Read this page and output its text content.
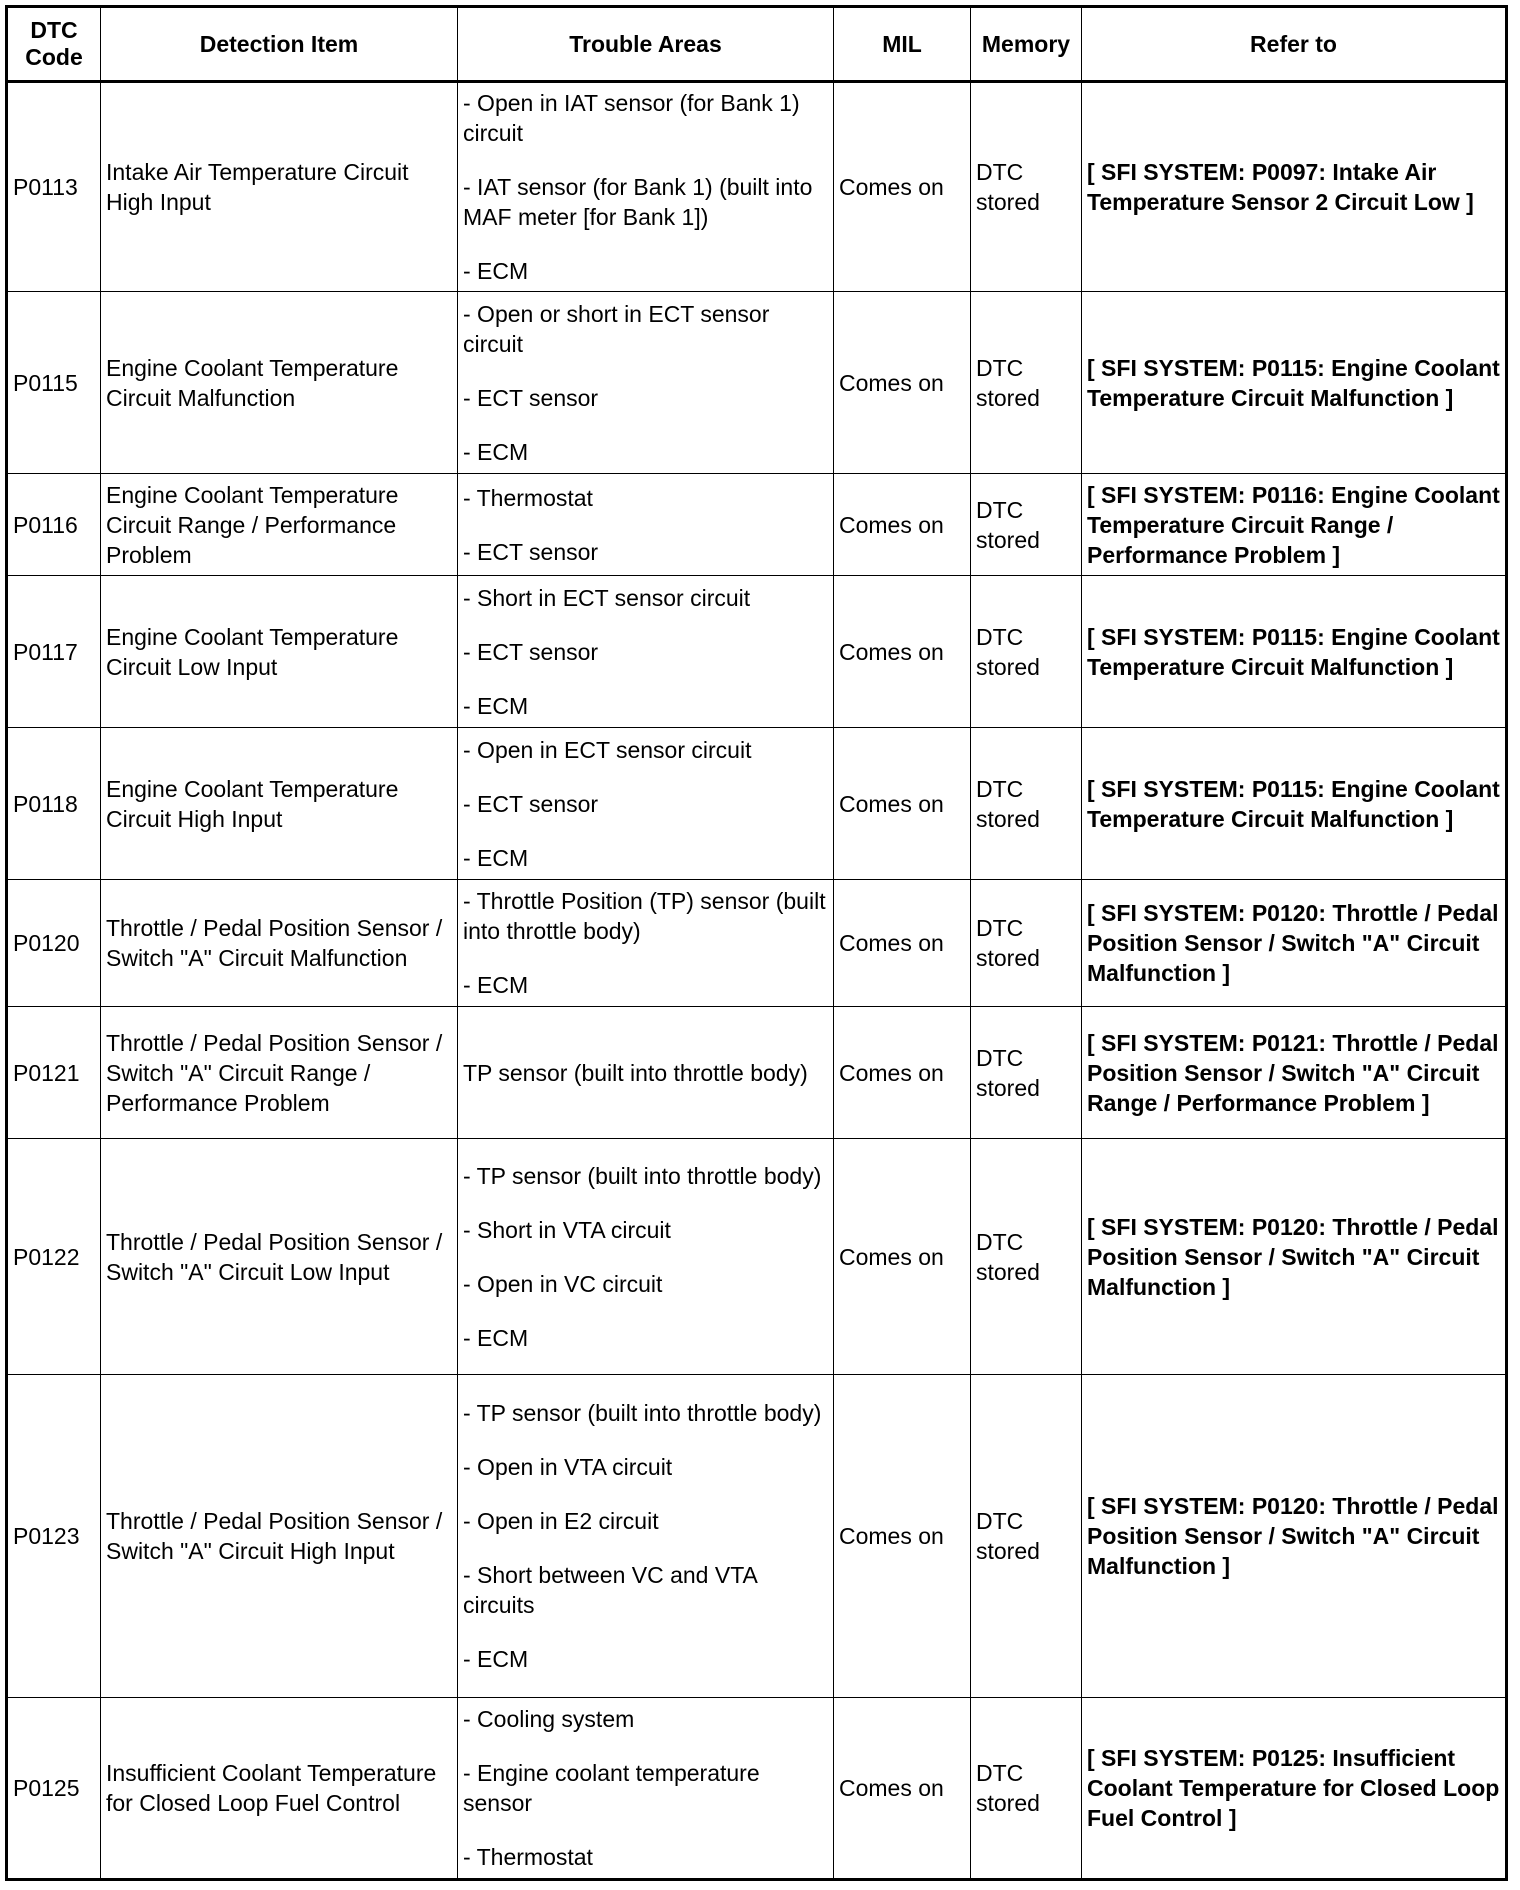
DTC Code	Detection Item	Trouble Areas	MIL	Memory	Refer to
P0113	Intake Air Temperature Circuit High Input	- Open in IAT sensor (for Bank 1) circuit
- IAT sensor (for Bank 1) (built into MAF meter [for Bank 1])
- ECM	Comes on	DTC stored	[ SFI SYSTEM: P0097: Intake Air Temperature Sensor 2 Circuit Low ]
P0115	Engine Coolant Temperature Circuit Malfunction	- Open or short in ECT sensor circuit
- ECT sensor
- ECM	Comes on	DTC stored	[ SFI SYSTEM: P0115: Engine Coolant Temperature Circuit Malfunction ]
P0116	Engine Coolant Temperature Circuit Range / Performance Problem	- Thermostat
- ECT sensor	Comes on	DTC stored	[ SFI SYSTEM: P0116: Engine Coolant Temperature Circuit Range / Performance Problem ]
P0117	Engine Coolant Temperature Circuit Low Input	- Short in ECT sensor circuit
- ECT sensor
- ECM	Comes on	DTC stored	[ SFI SYSTEM: P0115: Engine Coolant Temperature Circuit Malfunction ]
P0118	Engine Coolant Temperature Circuit High Input	- Open in ECT sensor circuit
- ECT sensor
- ECM	Comes on	DTC stored	[ SFI SYSTEM: P0115: Engine Coolant Temperature Circuit Malfunction ]
P0120	Throttle / Pedal Position Sensor / Switch "A" Circuit Malfunction	- Throttle Position (TP) sensor (built into throttle body)
- ECM	Comes on	DTC stored	[ SFI SYSTEM: P0120: Throttle / Pedal Position Sensor / Switch "A" Circuit Malfunction ]
P0121	Throttle / Pedal Position Sensor / Switch "A" Circuit Range / Performance Problem	TP sensor (built into throttle body)	Comes on	DTC stored	[ SFI SYSTEM: P0121: Throttle / Pedal Position Sensor / Switch "A" Circuit Range / Performance Problem ]
P0122	Throttle / Pedal Position Sensor / Switch "A" Circuit Low Input	- TP sensor (built into throttle body)
- Short in VTA circuit
- Open in VC circuit
- ECM	Comes on	DTC stored	[ SFI SYSTEM: P0120: Throttle / Pedal Position Sensor / Switch "A" Circuit Malfunction ]
P0123	Throttle / Pedal Position Sensor / Switch "A" Circuit High Input	- TP sensor (built into throttle body)
- Open in VTA circuit
- Open in E2 circuit
- Short between VC and VTA circuits
- ECM	Comes on	DTC stored	[ SFI SYSTEM: P0120: Throttle / Pedal Position Sensor / Switch "A" Circuit Malfunction ]
P0125	Insufficient Coolant Temperature for Closed Loop Fuel Control	- Cooling system
- Engine coolant temperature sensor
- Thermostat	Comes on	DTC stored	[ SFI SYSTEM: P0125: Insufficient Coolant Temperature for Closed Loop Fuel Control ]
